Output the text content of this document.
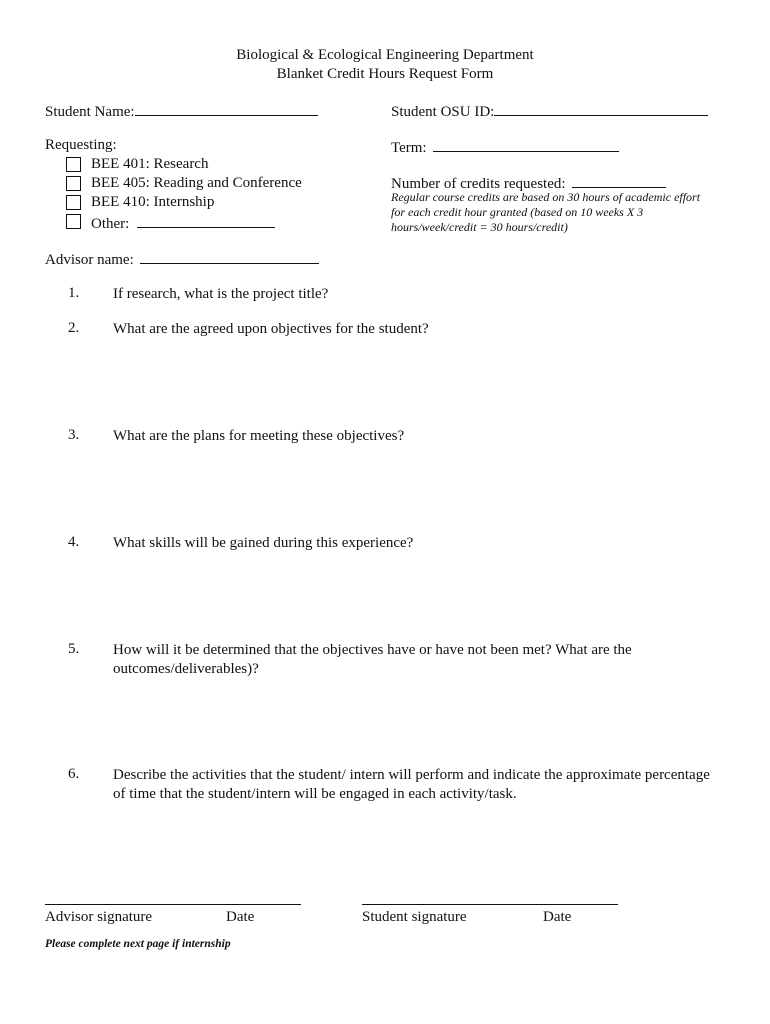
Biological & Ecological Engineering Department
Blanket Credit Hours Request Form
Student Name:	Student OSU ID:
Requesting:
BEE 401: Research
BEE 405: Reading and Conference
BEE 410: Internship
Other:
Term:
Number of credits requested:
Regular course credits are based on 30 hours of academic effort
for each credit hour granted (based on 10 weeks X 3
hours/week/credit = 30 hours/credit)
Advisor name:
1. If research, what is the project title?
2. What are the agreed upon objectives for the student?
3. What are the plans for meeting these objectives?
4. What skills will be gained during this experience?
5. How will it be determined that the objectives have or have not been met? What are the
outcomes/deliverables)?
6. Describe the activities that the student/ intern will perform and indicate the approximate percentage
of time that the student/intern will be engaged in each activity/task.
Advisor signature	Date	Student signature	Date
Please complete next page if internship
